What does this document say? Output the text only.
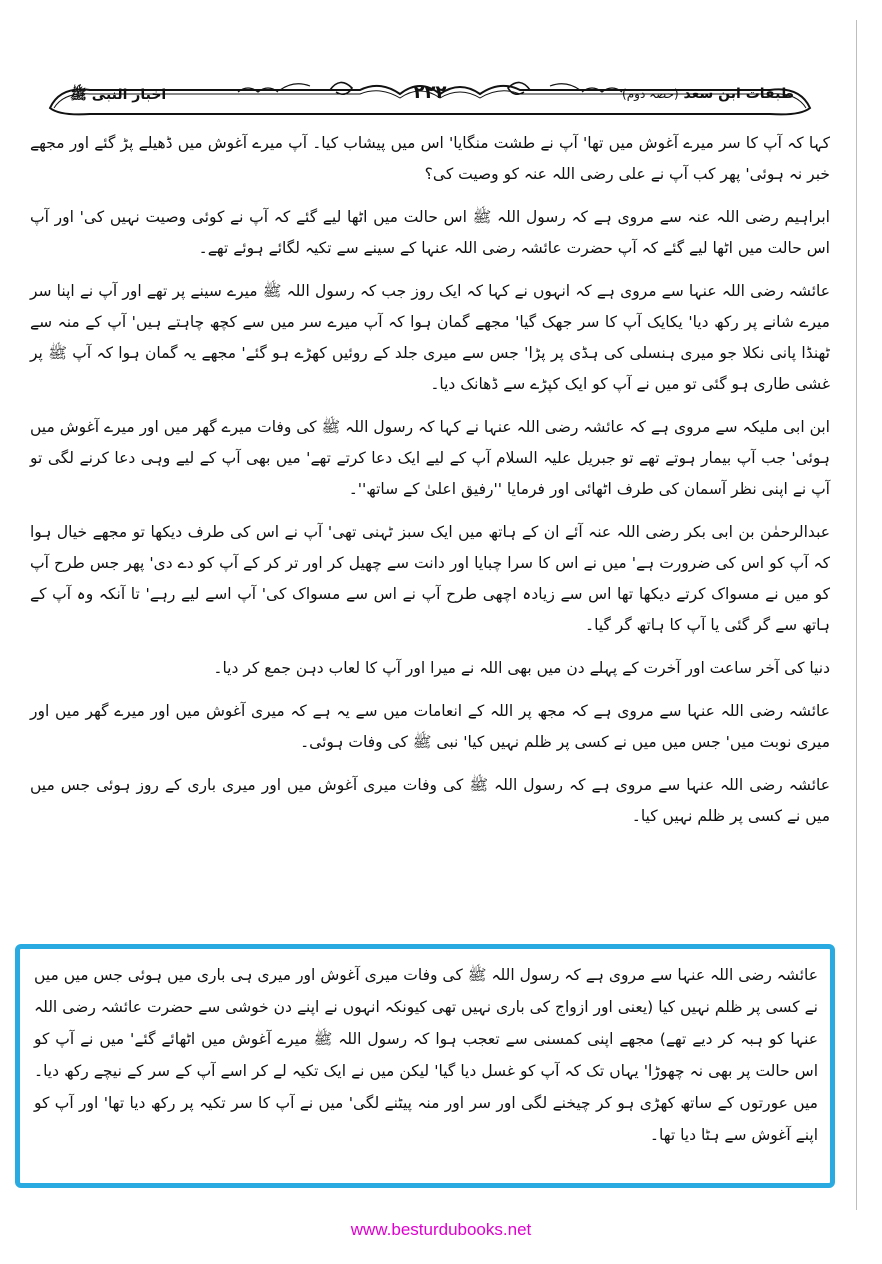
طبقات ابن سعد (حصہ دوم)
۲۲۲
اخبار النبی ﷺ

کہا کہ آپ کا سر میرے آغوش میں تھا' آپ نے طشت منگایا' اس میں پیشاب کیا۔ آپ میرے آغوش میں ڈھیلے پڑ گئے اور مجھے خبر نہ ہوئی' پھر کب آپ نے علی رضی اللہ عنہ کو وصیت کی؟

ابراہیم رضی اللہ عنہ سے مروی ہے کہ رسول اللہ ﷺ اس حالت میں اٹھا لیے گئے کہ آپ نے کوئی وصیت نہیں کی' اور آپ اس حالت میں اٹھا لیے گئے کہ آپ حضرت عائشہ رضی اللہ عنہا کے سینے سے تکیہ لگائے ہوئے تھے۔

عائشہ رضی اللہ عنہا سے مروی ہے کہ انہوں نے کہا کہ ایک روز جب کہ رسول اللہ ﷺ میرے سینے پر تھے اور آپ نے اپنا سر میرے شانے پر رکھ دیا' یکایک آپ کا سر جھک گیا' مجھے گمان ہوا کہ آپ میرے سر میں سے کچھ چاہتے ہیں' آپ کے منہ سے ٹھنڈا پانی نکلا جو میری ہنسلی کی ہڈی پر پڑا' جس سے میری جلد کے روئیں کھڑے ہو گئے' مجھے یہ گمان ہوا کہ آپ ﷺ پر غشی طاری ہو گئی تو میں نے آپ کو ایک کپڑے سے ڈھانک دیا۔

ابن ابی ملیکہ سے مروی ہے کہ عائشہ رضی اللہ عنہا نے کہا کہ رسول اللہ ﷺ کی وفات میرے گھر میں اور میرے آغوش میں ہوئی' جب آپ بیمار ہوتے تھے تو جبریل علیہ السلام آپ کے لیے ایک دعا کرتے تھے' میں بھی آپ کے لیے وہی دعا کرنے لگی تو آپ نے اپنی نظر آسمان کی طرف اٹھائی اور فرمایا ''رفیق اعلیٰ کے ساتھ''۔

عبدالرحمٰن بن ابی بکر رضی اللہ عنہ آئے ان کے ہاتھ میں ایک سبز ٹہنی تھی' آپ نے اس کی طرف دیکھا تو مجھے خیال ہوا کہ آپ کو اس کی ضرورت ہے' میں نے اس کا سرا چبایا اور دانت سے چھیل کر اور تر کر کے آپ کو دے دی' پھر جس طرح آپ کو میں نے مسواک کرتے دیکھا تھا اس سے زیادہ اچھی طرح آپ نے اس سے مسواک کی' آپ اسے لیے رہے' تا آنکہ وہ آپ کے ہاتھ سے گر گئی یا آپ کا ہاتھ گر گیا۔

دنیا کی آخر ساعت اور آخرت کے پہلے دن میں بھی اللہ نے میرا اور آپ کا لعاب دہن جمع کر دیا۔

عائشہ رضی اللہ عنہا سے مروی ہے کہ مجھ پر اللہ کے انعامات میں سے یہ ہے کہ میری آغوش میں اور میرے گھر میں اور میری نوبت میں' جس میں میں نے کسی پر ظلم نہیں کیا' نبی ﷺ کی وفات ہوئی۔

عائشہ رضی اللہ عنہا سے مروی ہے کہ رسول اللہ ﷺ کی وفات میری آغوش میں اور میری باری کے روز ہوئی جس میں میں نے کسی پر ظلم نہیں کیا۔

عائشہ رضی اللہ عنہا سے مروی ہے کہ رسول اللہ ﷺ کی وفات میری آغوش اور میری ہی باری میں ہوئی جس میں میں نے کسی پر ظلم نہیں کیا (یعنی اور ازواج کی باری نہیں تھی کیونکہ انہوں نے اپنے دن خوشی سے حضرت عائشہ رضی اللہ عنہا کو ہبہ کر دیے تھے) مجھے اپنی کمسنی سے تعجب ہوا کہ رسول اللہ ﷺ میرے آغوش میں اٹھائے گئے' میں نے آپ کو اس حالت پر بھی نہ چھوڑا' یہاں تک کہ آپ کو غسل دیا گیا' لیکن میں نے ایک تکیہ لے کر اسے آپ کے سر کے نیچے رکھ دیا۔ میں عورتوں کے ساتھ کھڑی ہو کر چیخنے لگی اور سر اور منہ پیٹنے لگی' میں نے آپ کا سر تکیہ پر رکھ دیا تھا' اور آپ کو اپنے آغوش سے ہٹا دیا تھا۔

www.besturdubooks.net
